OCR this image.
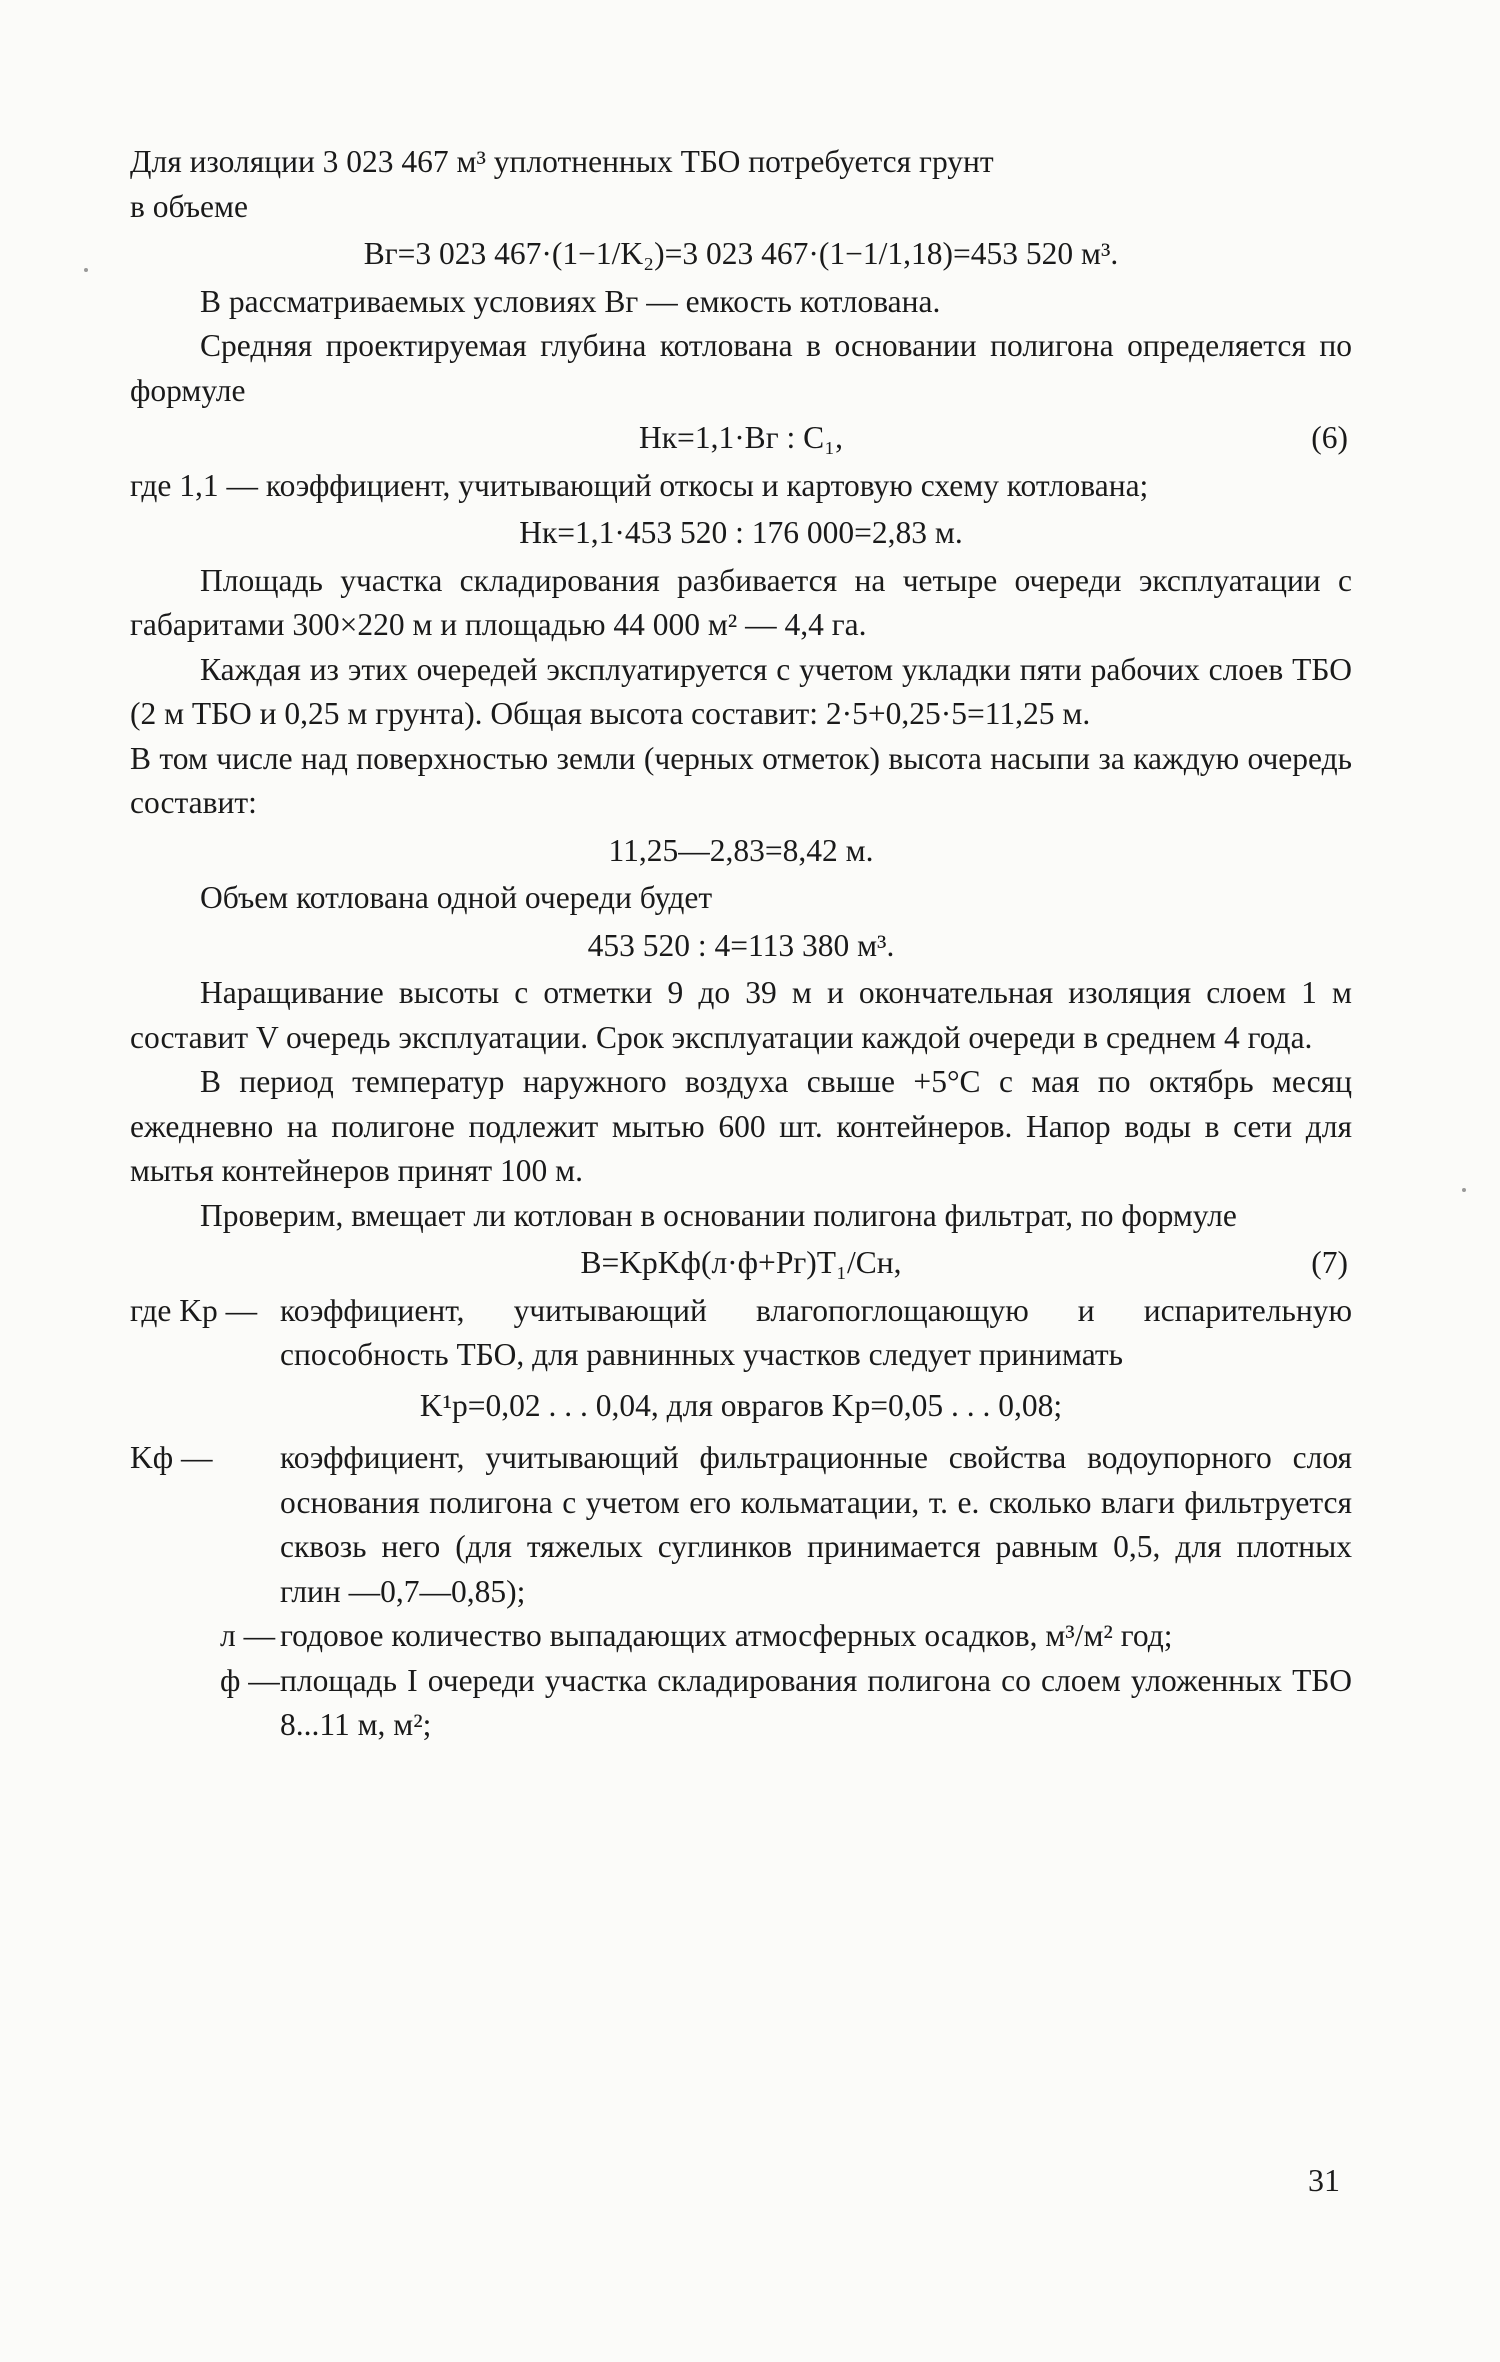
Для изоляции 3 023 467 м³ уплотненных ТБО потребуется грунт
в объеме

Bг=3 023 467·(1−1/K₂)=3 023 467·(1−1/1,18)=453 520 м³.

В рассматриваемых условиях Bг — емкость котлована.

Средняя проектируемая глубина котлована в основании полигона определяется по формуле

Hк=1,1·Bг : C₁,	(6)

где 1,1 — коэффициент, учитывающий откосы и картовую схему котлована;

Hк=1,1·453 520 : 176 000=2,83 м.

Площадь участка складирования разбивается на четыре очереди эксплуатации с габаритами 300×220 м и площадью 44 000 м² — 4,4 га.

Каждая из этих очередей эксплуатируется с учетом укладки пяти рабочих слоев ТБО (2 м ТБО и 0,25 м грунта). Общая высота составит: 2·5+0,25·5=11,25 м.

В том числе над поверхностью земли (черных отметок) высота насыпи за каждую очередь составит:

11,25—2,83=8,42 м.

Объем котлована одной очереди будет

453 520 : 4=113 380 м³.

Наращивание высоты с отметки 9 до 39 м и окончательная изоляция слоем 1 м составит V очередь эксплуатации. Срок эксплуатации каждой очереди в среднем 4 года.

В период температур наружного воздуха свыше +5°С с мая по октябрь месяц ежедневно на полигоне подлежит мытью 600 шт. контейнеров. Напор воды в сети для мытья контейнеров принят 100 м.

Проверим, вмещает ли котлован в основании полигона фильтрат, по формуле

B=KрKф(л·ф+Pг)T₁/Cн,	(7)
где Kр — коэффициент, учитывающий влагопоглощающую и испарительную способность ТБО, для равнинных участков следует принимать

K¹р=0,02 . . . 0,04, для оврагов Kр=0,05 . . . 0,08;

Kф —	коэффициент, учитывающий фильтрационные свойства водоупорного слоя основания полигона с учетом его кольматации, т. е. сколько влаги фильтруется сквозь него (для тяжелых суглинков принимается равным 0,5, для плотных глин —0,7—0,85);
л — годовое количество выпадающих атмосферных осадков, м³/м² год;
ф — площадь I очереди участка складирования полигона со слоем уложенных ТБО 8...11 м, м²;
31
